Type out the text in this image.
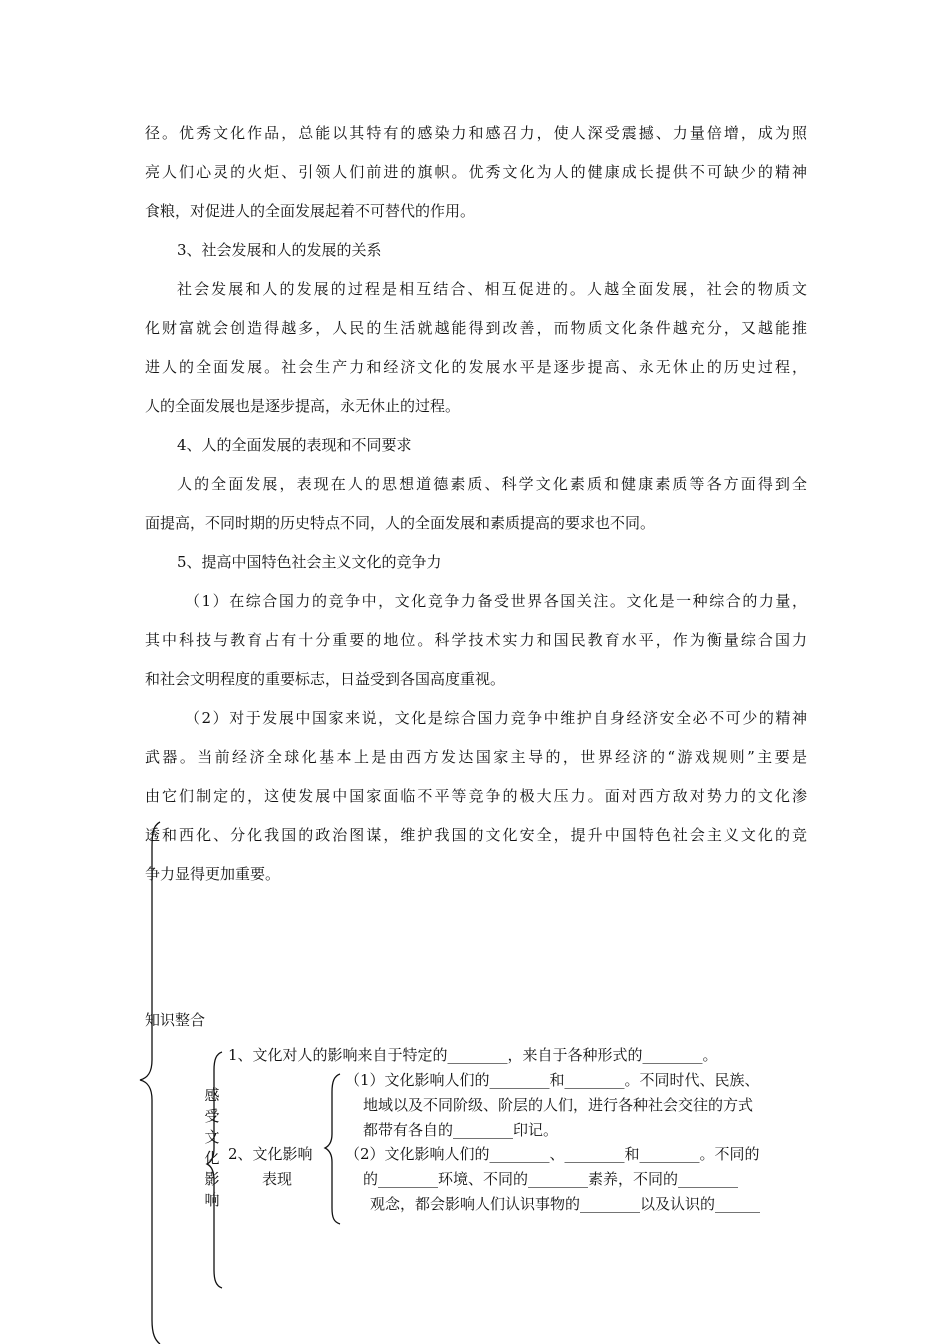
径。优秀文化作品，总能以其特有的感染力和感召力，使人深受震撼、力量倍增，成为照
亮人们心灵的火炬、引领人们前进的旗帜。优秀文化为人的健康成长提供不可缺少的精神
食粮，对促进人的全面发展起着不可替代的作用。
3、社会发展和人的发展的关系
社会发展和人的发展的过程是相互结合、相互促进的。人越全面发展，社会的物质文
化财富就会创造得越多，人民的生活就越能得到改善，而物质文化条件越充分，又越能推
进人的全面发展。社会生产力和经济文化的发展水平是逐步提高、永无休止的历史过程，
人的全面发展也是逐步提高，永无休止的过程。
4、人的全面发展的表现和不同要求
人的全面发展，表现在人的思想道德素质、科学文化素质和健康素质等各方面得到全
面提高，不同时期的历史特点不同，人的全面发展和素质提高的要求也不同。
5、提高中国特色社会主义文化的竞争力
（1）在综合国力的竞争中，文化竞争力备受世界各国关注。文化是一种综合的力量，
其中科技与教育占有十分重要的地位。科学技术实力和国民教育水平，作为衡量综合国力
和社会文明程度的重要标志，日益受到各国高度重视。
（2）对于发展中国家来说，文化是综合国力竞争中维护自身经济安全必不可少的精神
武器。当前经济全球化基本上是由西方发达国家主导的，世界经济的“游戏规则”主要是
由它们制定的，这使发展中国家面临不平等竞争的极大压力。面对西方敌对势力的文化渗
透和西化、分化我国的政治图谋，维护我国的文化安全，提升中国特色社会主义文化的竞
争力显得更加重要。
知识整合
1、文化对人的影响来自于特定的________，来自于各种形式的________。
感
受
文
化
影
响
2、文化影响
表现
（1）文化影响人们的________和________。不同时代、民族、
地域以及不同阶级、阶层的人们，进行各种社会交往的方式
都带有各自的________印记。
（2）文化影响人们的________、________和________。不同的
的________环境、不同的________素养，不同的________
观念，都会影响人们认识事物的________以及认识的______
